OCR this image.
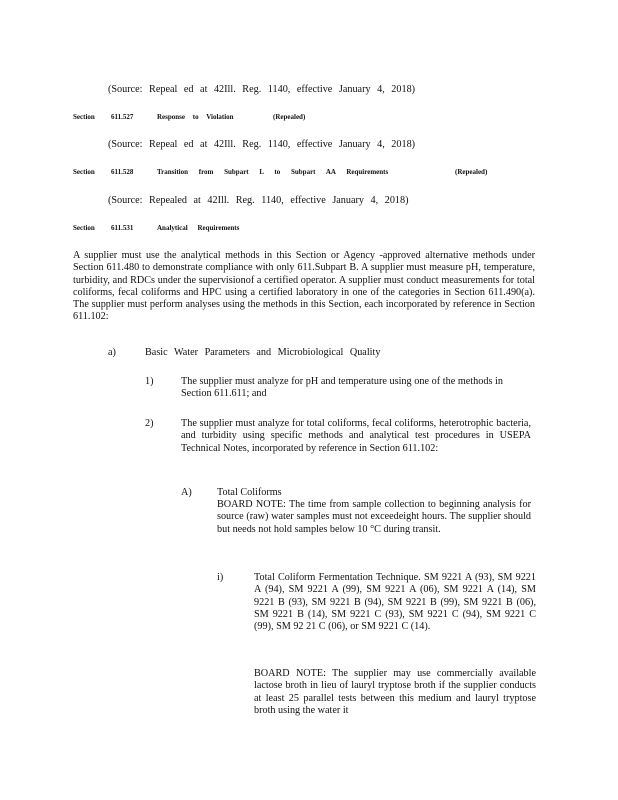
(Source: Repeal ed at 42Ill. Reg. 1140, effective January 4, 2018)

Section 611.527	Response to Violation	(Repealed)

(Source: Repeal ed at 42Ill. Reg. 1140, effective January 4, 2018)

Section 611.528	Transition from Subpart L to Subpart AA Requirements	(Repealed)

(Source: Repealed at 42Ill. Reg. 1140, effective January 4, 2018)

Section 611.531	Analytical Requirements

A supplier must use the analytical methods in this Section or Agency -approved alternative methods under Section 611.480 to demonstrate compliance with only 611.Subpart B. A supplier must measure pH, temperature, turbidity, and RDCs under the supervisionof a certified operator. A supplier must conduct measurements for total coliforms, fecal coliforms and HPC using a certified laboratory in one of the categories in Section 611.490(a). The supplier must perform analyses using the methods in this Section, each incorporated by reference in Section 611.102:

a)	Basic Water Parameters and Microbiological Quality
1)	The supplier must analyze for pH and temperature using one of the methods in Section 611.611; and

2)	The supplier must analyze for total coliforms, fecal coliforms, heterotrophic bacteria, and turbidity using specific methods and analytical test procedures in USEPA Technical Notes, incorporated by reference in Section 611.102:

A) Total Coliforms

BOARD NOTE: The time from sample collection to beginning analysis for source (raw) water samples must not exceedeight hours. The supplier should but needs not hold samples below 10 °C during transit.

i)	Total Coliform Fermentation Technique. SM 9221 A (93), SM 9221 A (94), SM 9221 A (99), SM 9221 A (06), SM 9221 A (14), SM 9221 B (93), SM 9221 B (94), SM 9221 B (99), SM 9221 B (06), SM 9221 B (14), SM 9221 C (93), SM 9221 C (94), SM 9221 C (99), SM 92 21 C (06), or SM 9221 C (14).

BOARD NOTE: The supplier may use commercially available lactose broth in lieu of lauryl tryptose broth if the supplier conducts at least 25 parallel tests between this medium and lauryl tryptose broth using the water it
